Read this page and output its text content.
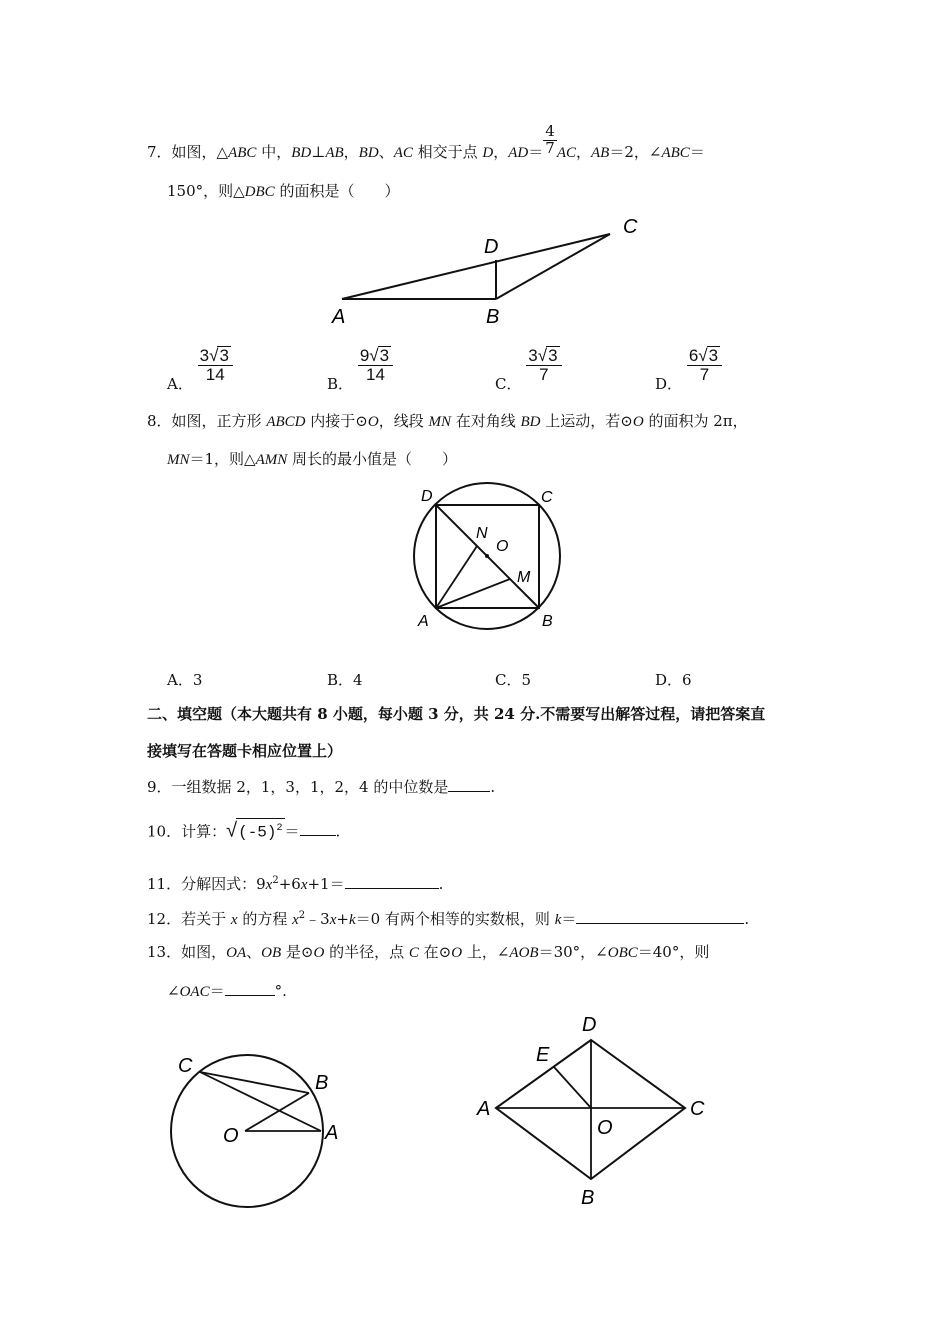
7．如图，△ABC 中，BD⊥AB，BD、AC 相交于点 D，$AD= \frac{4}{7}$ AC，AB＝2，∠ABC＝
150°，则△DBC 的面积是（　　）
A	B
C
D
A．
$\frac{3√3}{14}$
B．
$\frac{9√3}{14}$
C．
$\frac{3√3}{7}$
D．
$\frac{6√3}{7}$
8．如图，正方形 ABCD 内接于⊙O，线段 MN 在对角线 BD 上运动，若⊙O 的面积为 2π，
MN＝1，则△AMN 周长的最小值是（　　）
D	C
A	B
N
O
M
A．3	B．4	C．5	D．6
二、填空题（本大题共有 8 小题，每小题 3 分，共 24 分.不需要写出解答过程，请把答案直
接填写在答题卡相应位置上）
9．一组数据 2，1，3，1，2，4 的中位数是	.
10．计算：$√(-5)^2$ ＝ .
11．分解因式：$9x^2+6x+1=$	.
12．若关于 x 的方程 $x^2﹣3x+k=0$ 有两个相等的实数根，则 k＝	.
13．如图，OA、OB 是⊙O 的半径，点 C 在⊙O 上，∠AOB＝30°，∠OBC＝40°，则
∠OAC＝	°.
C
B
A
O
D
E
A	C
O
B
